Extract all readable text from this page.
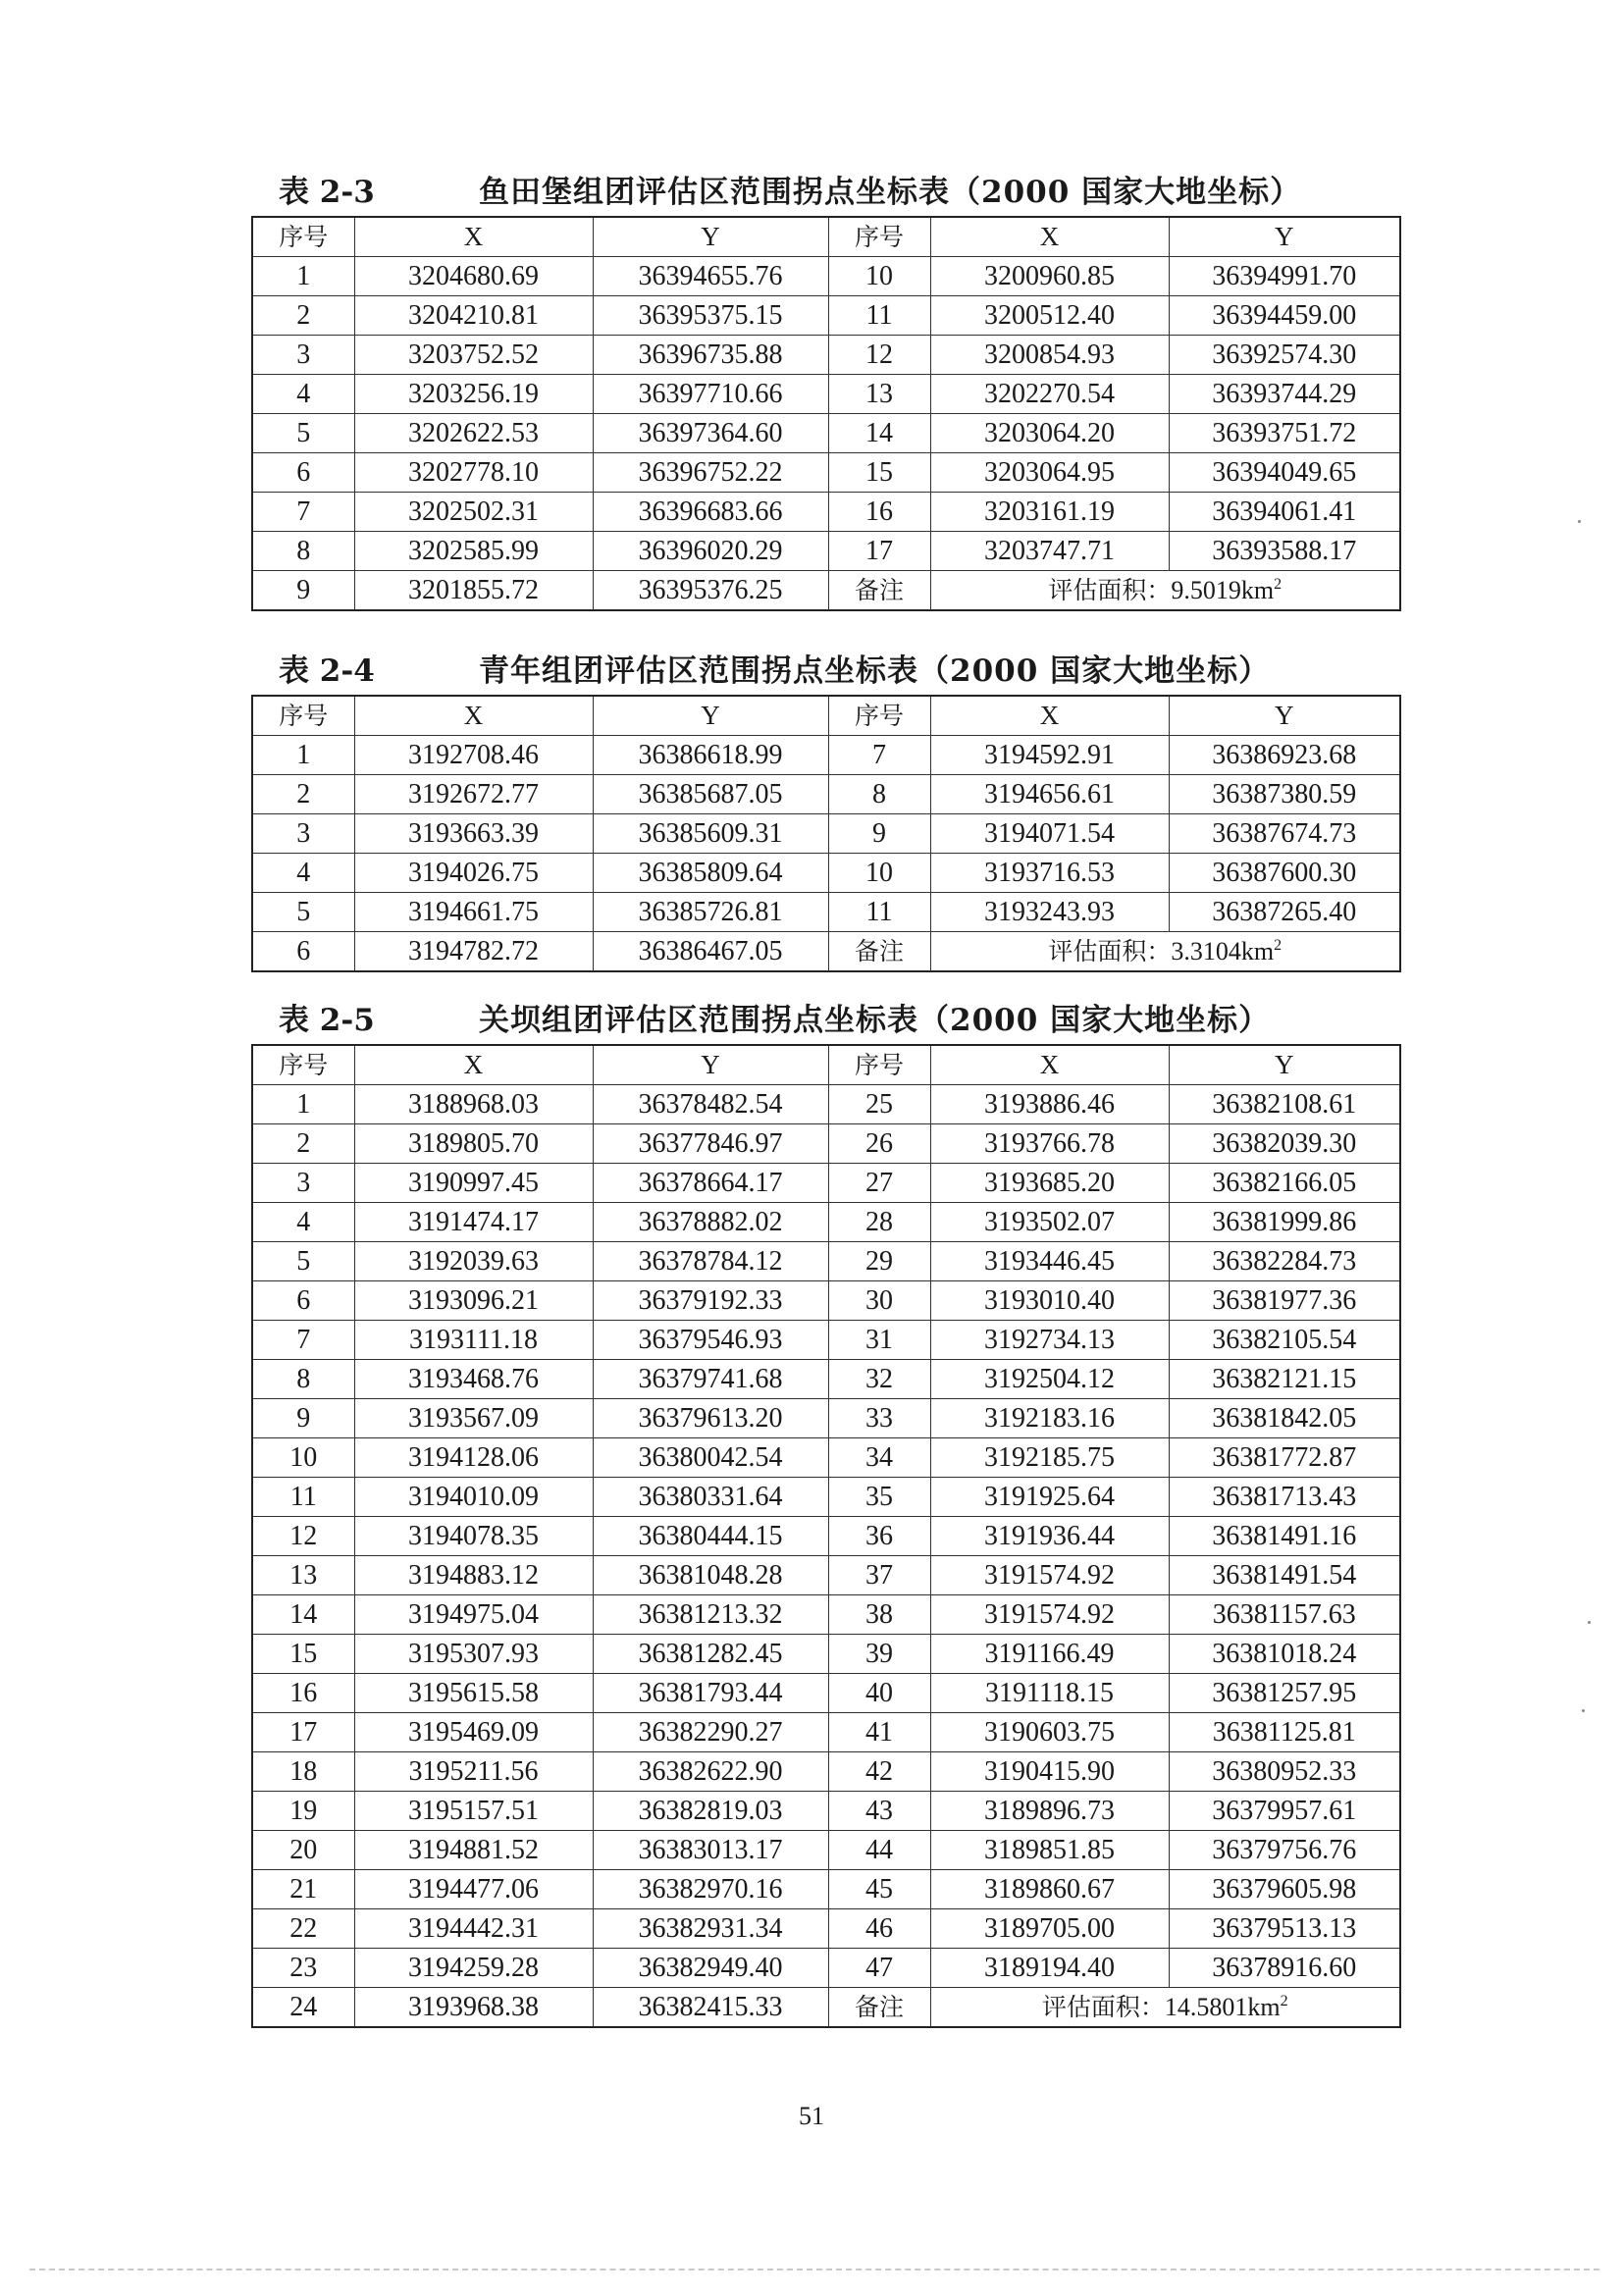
表 2-3	鱼田堡组团评估区范围拐点坐标表（2000 国家大地坐标）
序号	X	Y	序号	X	Y
1	3204680.69	36394655.76	10	3200960.85	36394991.70
2	3204210.81	36395375.15	11	3200512.40	36394459.00
3	3203752.52	36396735.88	12	3200854.93	36392574.30
4	3203256.19	36397710.66	13	3202270.54	36393744.29
5	3202622.53	36397364.60	14	3203064.20	36393751.72
6	3202778.10	36396752.22	15	3203064.95	36394049.65
7	3202502.31	36396683.66	16	3203161.19	36394061.41
8	3202585.99	36396020.29	17	3203747.71	36393588.17
9	3201855.72	36395376.25	备注	评估面积：$9.5019km^2$
表 2-4	青年组团评估区范围拐点坐标表（2000 国家大地坐标）
序号	X	Y	序号	X	Y
1	3192708.46	36386618.99	7	3194592.91	36386923.68
2	3192672.77	36385687.05	8	3194656.61	36387380.59
3	3193663.39	36385609.31	9	3194071.54	36387674.73
4	3194026.75	36385809.64	10	3193716.53	36387600.30
5	3194661.75	36385726.81	11	3193243.93	36387265.40
6	3194782.72	36386467.05	备注	评估面积：$3.3104km^2$
表 2-5	关坝组团评估区范围拐点坐标表（2000 国家大地坐标）
序号	X	Y	序号	X	Y
1	3188968.03	36378482.54	25	3193886.46	36382108.61
2	3189805.70	36377846.97	26	3193766.78	36382039.30
3	3190997.45	36378664.17	27	3193685.20	36382166.05
4	3191474.17	36378882.02	28	3193502.07	36381999.86
5	3192039.63	36378784.12	29	3193446.45	36382284.73
6	3193096.21	36379192.33	30	3193010.40	36381977.36
7	3193111.18	36379546.93	31	3192734.13	36382105.54
8	3193468.76	36379741.68	32	3192504.12	36382121.15
9	3193567.09	36379613.20	33	3192183.16	36381842.05
10	3194128.06	36380042.54	34	3192185.75	36381772.87
11	3194010.09	36380331.64	35	3191925.64	36381713.43
12	3194078.35	36380444.15	36	3191936.44	36381491.16
13	3194883.12	36381048.28	37	3191574.92	36381491.54
14	3194975.04	36381213.32	38	3191574.92	36381157.63
15	3195307.93	36381282.45	39	3191166.49	36381018.24
16	3195615.58	36381793.44	40	3191118.15	36381257.95
17	3195469.09	36382290.27	41	3190603.75	36381125.81
18	3195211.56	36382622.90	42	3190415.90	36380952.33
19	3195157.51	36382819.03	43	3189896.73	36379957.61
20	3194881.52	36383013.17	44	3189851.85	36379756.76
21	3194477.06	36382970.16	45	3189860.67	36379605.98
22	3194442.31	36382931.34	46	3189705.00	36379513.13
23	3194259.28	36382949.40	47	3189194.40	36378916.60
24	3193968.38	36382415.33	备注	评估面积：$14.5801km^2$
51
